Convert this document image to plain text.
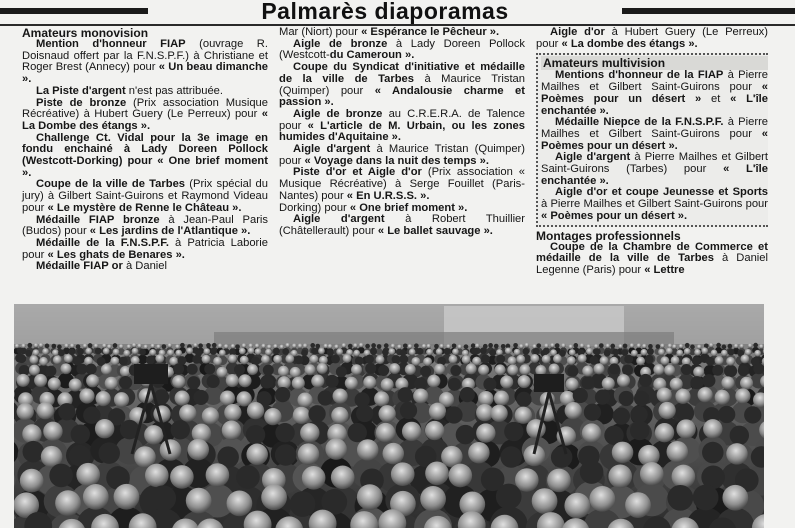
Palmarès diaporamas
Amateurs monovision

Mention d'honneur FIAP (ouvrage R. Doisnaud offert par la F.N.S.P.F.) à Christiane et Roger Brest (Annecy) pour « Un beau dimanche ».

La Piste d'argent n'est pas attribuée.

Piste de bronze (Prix association Musique Récréative) à Hubert Guery (Le Perreux) pour « La Dombe des étangs ».

Challenge Ct. Vidal pour la 3e image en fondu enchainé à Lady Doreen Pollock (Westcott-Dorking) pour « One brief moment ».

Coupe de la ville de Tarbes (Prix spécial du jury) à Gilbert Saint-Guirons et Raymond Videau pour « Le mystère de Renne le Château ».

Médaille FIAP bronze à Jean-Paul Paris (Budos) pour « Les jardins de l'Atlantique ».

Médaille de la F.N.S.P.F. à Patricia Laborie pour « Les ghats de Benares ».

Médaille FIAP or à Daniel

Mar (Niort) pour « Espérance le Pêcheur ».

Aigle de bronze à Lady Doreen Pollock (Westcott-du Cameroun ».

Coupe du Syndicat d'initiative et médaille de la ville de Tarbes à Maurice Tristan (Quimper) pour « Andalousie charme et passion ».

Aigle de bronze au C.R.E.R.A. de Talence pour « L'article de M. Urbain, ou les zones humides d'Aquitaine ».

Aigle d'argent à Maurice Tristan (Quimper) pour « Voyage dans la nuit des temps ».

Piste d'or et Aigle d'or (Prix association « Musique Récréative) à Serge Fouillet (Paris-Nantes) pour « En U.R.S.S. ».

Dorking) pour « One brief moment ».

Aigle d'argent à Robert Thuillier (Châtellerault) pour « Le ballet sauvage ».

Aigle d'or à Hubert Guery (Le Perreux) pour « La dombe des étangs ».

Amateurs multivision

Mentions d'honneur de la FIAP à Pierre Mailhes et Gilbert Saint-Guirons pour « Poèmes pour un désert » et « L'île enchantée ».

Médaille Niepce de la F.N.S.P.F. à Pierre Mailhes et Gilbert Saint-Guirons pour « Poèmes pour un désert ».

Aigle d'argent à Pierre Mailhes et Gilbert Saint-Guirons (Tarbes) pour « L'île enchantée ».

Aigle d'or et coupe Jeunesse et Sports à Pierre Mailhes et Gilbert Saint-Guirons pour « Poèmes pour un désert ».

Montages professionnels

Coupe de la Chambre de Commerce et médaille de la ville de Tarbes à Daniel Legenne (Paris) pour « Lettre
